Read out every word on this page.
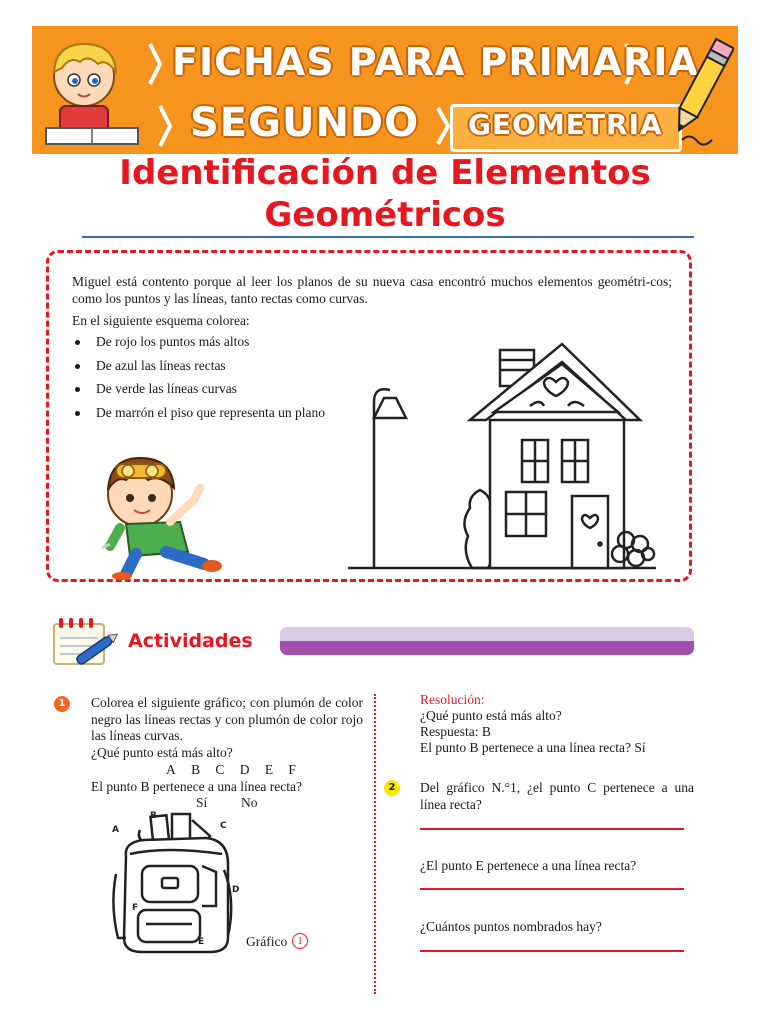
FICHAS PARA PRIMARIA
SEGUNDO GEOMETRIA
Identificación de Elementos
Geométricos
Miguel está contento porque al leer los planos de su nueva casa encontró muchos elementos geométri-cos; como los puntos y las líneas, tanto rectas como curvas.
En el siguiente esquema colorea:
De rojo los puntos más altos
De azul las líneas rectas
De verde las líneas curvas
De marrón el piso que representa un plano
Actividades
1	Colorea el siguiente gráfico; con plumón de color negro las líneas rectas y con plumón de color rojo las líneas curvas.
¿Qué punto está más alto?
A B C D E F
El punto B pertenece a una línea recta?
Sí No
A
B
C
D
E
F
Gráfico 1
Resolución:
¿Qué punto está más alto?
Respuesta: B
El punto B pertenece a una línea recta? Sí
2	Del gráfico N.°1, ¿el punto C pertenece a una línea recta?
¿El punto E pertenece a una línea recta?
¿Cuántos puntos nombrados hay?
